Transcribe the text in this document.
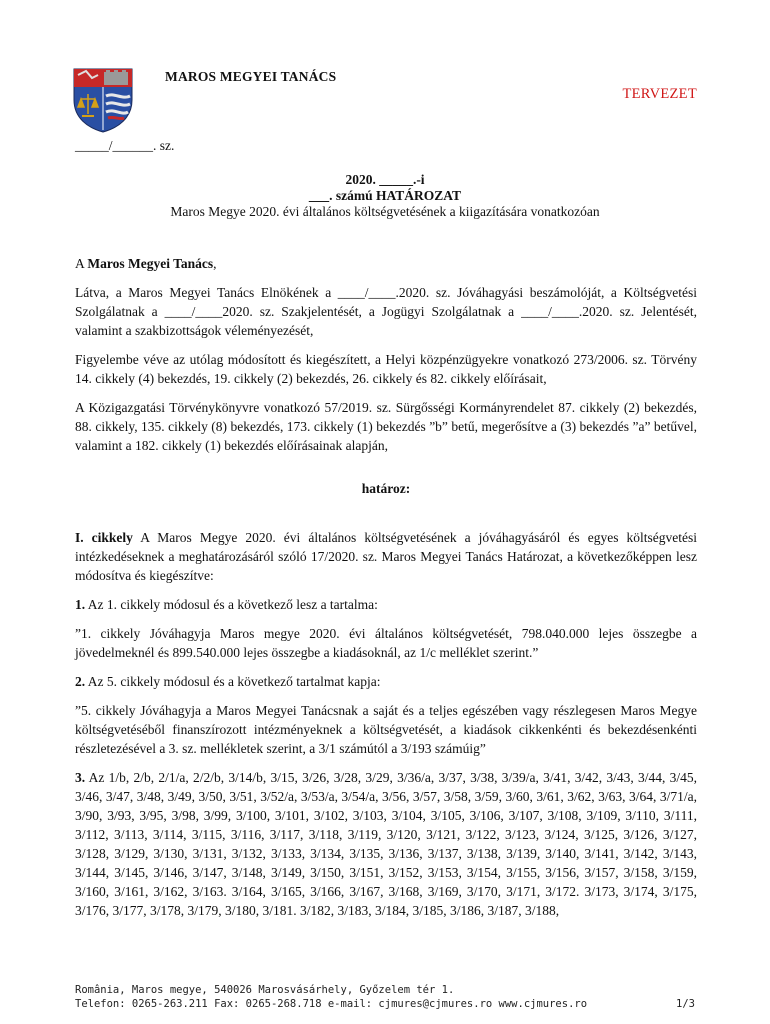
MAROS MEGYEI TANÁCS
TERVEZET
_____/______. sz.
2020. _____.-i
___. számú HATÁROZAT
Maros Megye 2020. évi általános költségvetésének a kiigazítására vonatkozóan

A Maros Megyei Tanács,

Látva, a Maros Megyei Tanács Elnökének a ____/____.2020. sz. Jóváhagyási beszámolóját, a Költségvetési Szolgálatnak a ____/____2020. sz. Szakjelentését, a Jogügyi Szolgálatnak a ____/____.2020. sz. Jelentését, valamint a szakbizottságok véleményezését,

Figyelembe véve az utólag módosított és kiegészített, a Helyi közpénzügyekre vonatkozó 273/2006. sz. Törvény 14. cikkely (4) bekezdés, 19. cikkely (2) bekezdés, 26. cikkely és 82. cikkely előírásait,

A Közigazgatási Törvénykönyvre vonatkozó 57/2019. sz. Sürgősségi Kormányrendelet 87. cikkely (2) bekezdés, 88. cikkely, 135. cikkely (8) bekezdés, 173. cikkely (1) bekezdés ”b” betű, megerősítve a (3) bekezdés ”a” betűvel, valamint a 182. cikkely (1) bekezdés előírásainak alapján,

határoz:

I. cikkely A Maros Megye 2020. évi általános költségvetésének a jóváhagyásáról és egyes költségvetési intézkedéseknek a meghatározásáról szóló 17/2020. sz. Maros Megyei Tanács Határozat, a következőképpen lesz módosítva és kiegészítve:

1. Az 1. cikkely módosul és a következő lesz a tartalma:

”1. cikkely Jóváhagyja Maros megye 2020. évi általános költségvetését, 798.040.000 lejes összegbe a jövedelmeknél és 899.540.000 lejes összegbe a kiadásoknál, az 1/c melléklet szerint.”

2. Az 5. cikkely módosul és a következő tartalmat kapja:

”5. cikkely Jóváhagyja a Maros Megyei Tanácsnak a saját és a teljes egészében vagy részlegesen Maros Megye költségvetéséből finanszírozott intézményeknek a költségvetését, a kiadások cikkenkénti és bekezdésenkénti részletezésével a 3. sz. mellékletek szerint, a 3/1 számútól a 3/193 számúig”

3. Az 1/b, 2/b, 2/1/a, 2/2/b, 3/14/b, 3/15, 3/26, 3/28, 3/29, 3/36/a, 3/37, 3/38, 3/39/a, 3/41, 3/42, 3/43, 3/44, 3/45, 3/46, 3/47, 3/48, 3/49, 3/50, 3/51, 3/52/a, 3/53/a, 3/54/a, 3/56, 3/57, 3/58, 3/59, 3/60, 3/61, 3/62, 3/63, 3/64, 3/71/a, 3/90, 3/93, 3/95, 3/98, 3/99, 3/100, 3/101, 3/102, 3/103, 3/104, 3/105, 3/106, 3/107, 3/108, 3/109, 3/110, 3/111, 3/112, 3/113, 3/114, 3/115, 3/116, 3/117, 3/118, 3/119, 3/120, 3/121, 3/122, 3/123, 3/124, 3/125, 3/126, 3/127, 3/128, 3/129, 3/130, 3/131, 3/132, 3/133, 3/134, 3/135, 3/136, 3/137, 3/138, 3/139, 3/140, 3/141, 3/142, 3/143, 3/144, 3/145, 3/146, 3/147, 3/148, 3/149, 3/150, 3/151, 3/152, 3/153, 3/154, 3/155, 3/156, 3/157, 3/158, 3/159, 3/160, 3/161, 3/162, 3/163. 3/164, 3/165, 3/166, 3/167, 3/168, 3/169, 3/170, 3/171, 3/172. 3/173, 3/174, 3/175, 3/176, 3/177, 3/178, 3/179, 3/180, 3/181. 3/182, 3/183, 3/184, 3/185, 3/186, 3/187, 3/188,

România, Maros megye, 540026 Marosvásárhely, Győzelem tér 1.
Telefon: 0265-263.211 Fax: 0265-268.718 e-mail: cjmures@cjmures.ro www.cjmures.ro	1/3
